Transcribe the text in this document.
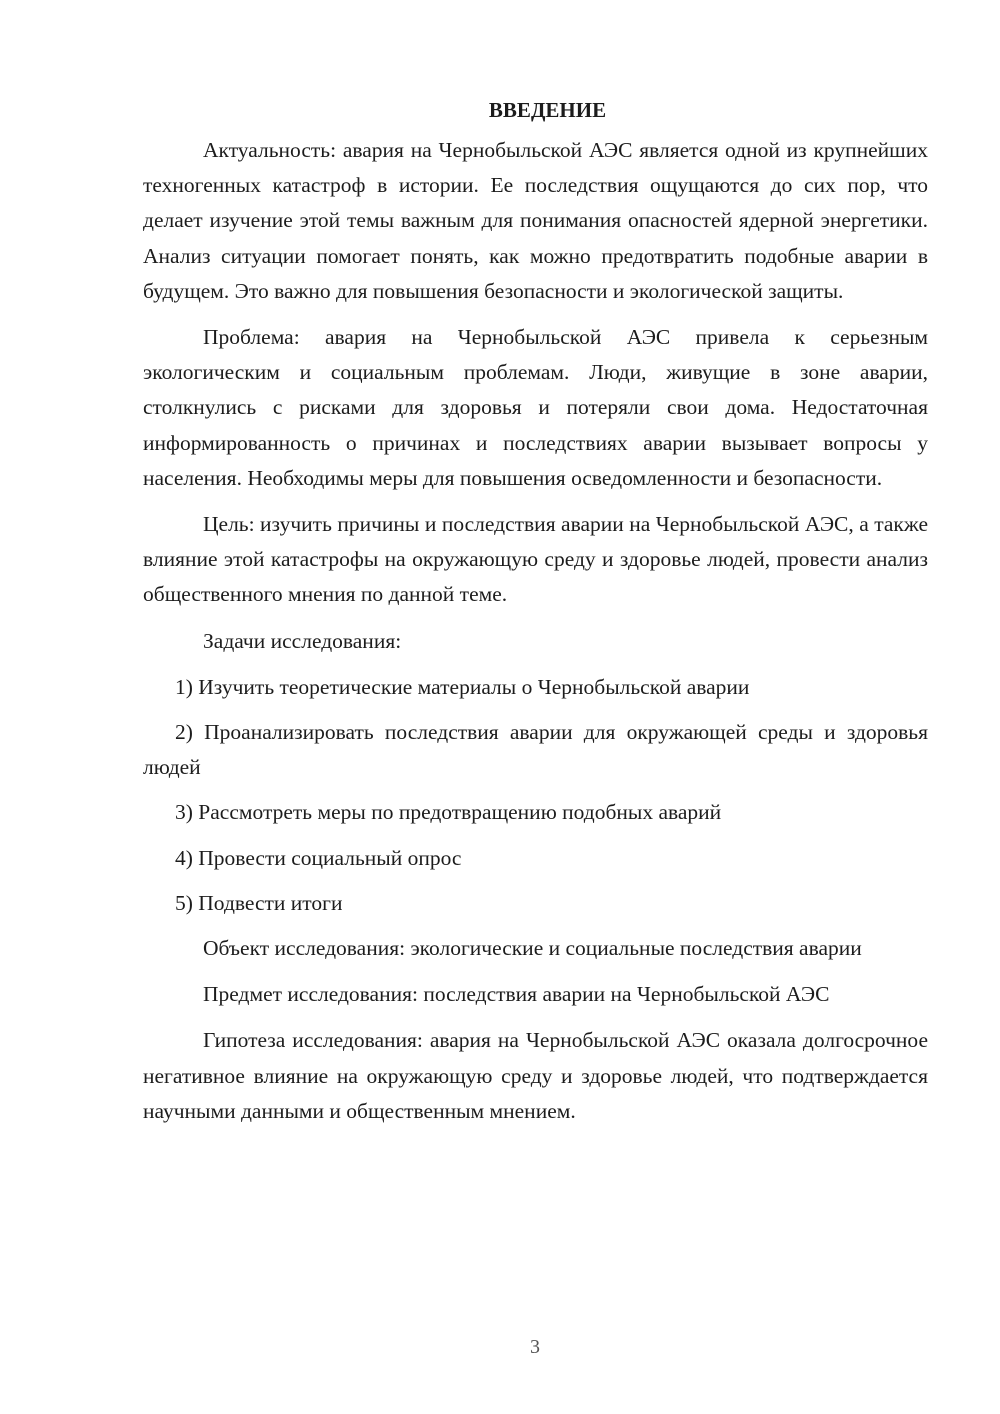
ВВЕДЕНИЕ

Актуальность: авария на Чернобыльской АЭС является одной из крупнейших техногенных катастроф в истории. Ее последствия ощущаются до сих пор, что делает изучение этой темы важным для понимания опасностей ядерной энергетики. Анализ ситуации помогает понять, как можно предотвратить подобные аварии в будущем. Это важно для повышения безопасности и экологической защиты.

Проблема: авария на Чернобыльской АЭС привела к серьезным экологическим и социальным проблемам. Люди, живущие в зоне аварии, столкнулись с рисками для здоровья и потеряли свои дома. Недостаточная информированность о причинах и последствиях аварии вызывает вопросы у населения. Необходимы меры для повышения осведомленности и безопасности.

Цель: изучить причины и последствия аварии на Чернобыльской АЭС, а также влияние этой катастрофы на окружающую среду и здоровье людей, провести анализ общественного мнения по данной теме.

Задачи исследования:

1) Изучить теоретические материалы о Чернобыльской аварии

2) Проанализировать последствия аварии для окружающей среды и здоровья людей

3) Рассмотреть меры по предотвращению подобных аварий

4) Провести социальный опрос

5) Подвести итоги

Объект исследования: экологические и социальные последствия аварии

Предмет исследования: последствия аварии на Чернобыльской АЭС

Гипотеза исследования: авария на Чернобыльской АЭС оказала долгосрочное негативное влияние на окружающую среду и здоровье людей, что подтверждается научными данными и общественным мнением.

3
